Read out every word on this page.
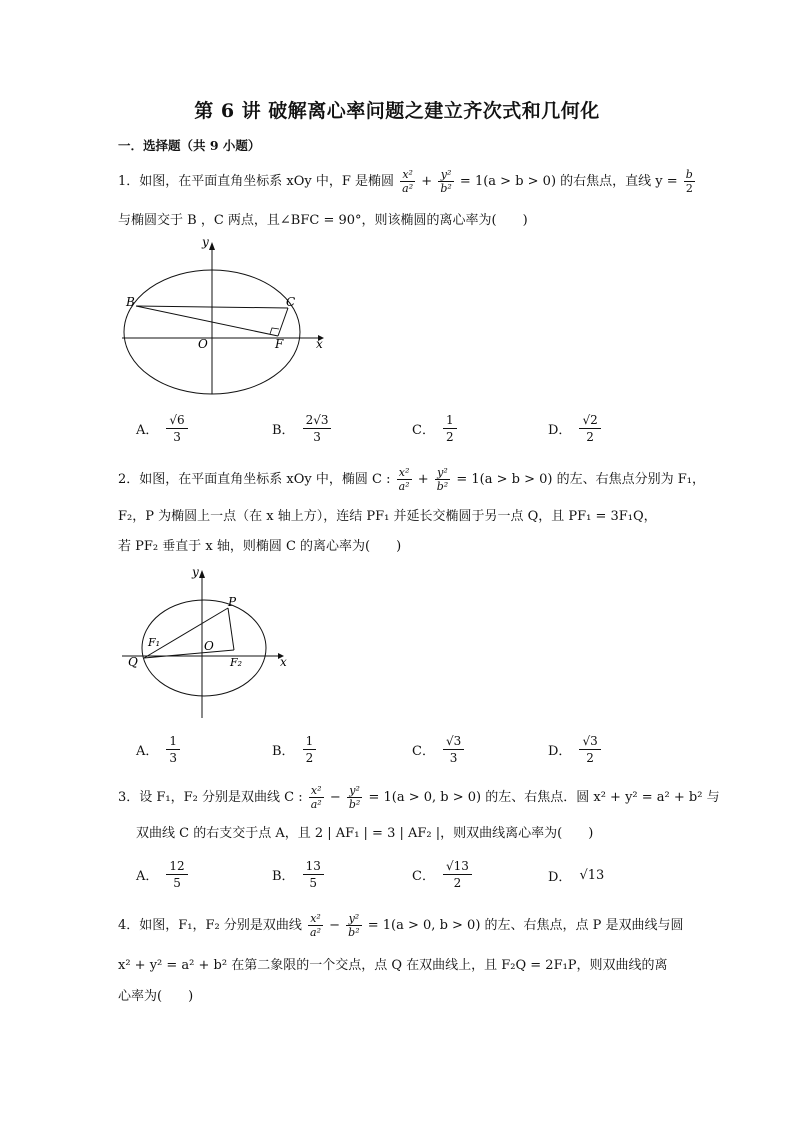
第 6 讲 破解离心率问题之建立齐次式和几何化
一．选择题（共 9 小题）
1．如图，在平面直角坐标系 xOy 中，F 是椭圆 $\frac{\text{x²}}{\text{a²}} + \frac{\text{y²}}{\text{b²}} = 1(a > b > 0)$ 的右焦点，直线 $y = \frac{b}{2}$
与椭圆交于 B ，C 两点，且∠BFC = 90°，则该椭圆的离心率为(　　)
y
x
O
B	C
F
A． $\frac{√6}{3}$	B． $\frac{2√3}{3}$	C． $\frac{1}{2}$	D． $\frac{√2}{2}$
2．如图，在平面直角坐标系 xOy 中，椭圆 C : $\frac{\text{x²}}{\text{a²}} + \frac{\text{y²}}{\text{b²}} = 1(a > b > 0)$ 的左、右焦点分别为 F₁，
F₂，P 为椭圆上一点（在 x 轴上方），连结 PF₁ 并延长交椭圆于另一点 Q，且 PF₁ = 3F₁Q，
若 PF₂ 垂直于 x 轴，则椭圆 C 的离心率为(　　)
y
x
O
P
Q
F₁
F₂
A． $\frac{1}{3}$	B． $\frac{1}{2}$	C． $\frac{√3}{3}$	D． $\frac{√3}{2}$
3．设 F₁，F₂ 分别是双曲线 C : $\frac{\text{x²}}{\text{a²}} - \frac{\text{y²}}{\text{b²}} = 1(a > 0$, b > 0) 的左、右焦点．圆 x² + y² = a² + b² 与
双曲线 C 的右支交于点 A，且 2 | AF₁ | = 3 | AF₂ |，则双曲线离心率为(　　)
A． $\frac{12}{5}$	B． $\frac{13}{5}$	C． $\frac{√13}{2}$	D． √13
4．如图，F₁，F₂ 分别是双曲线 $\frac{\text{x²}}{\text{a²}} - \frac{\text{y²}}{\text{b²}} = 1(a > 0$, b > 0) 的左、右焦点，点 P 是双曲线与圆
x² + y² = a² + b² 在第二象限的一个交点，点 Q 在双曲线上，且 F₂Q = 2F₁P，则双曲线的离
心率为(　　)
